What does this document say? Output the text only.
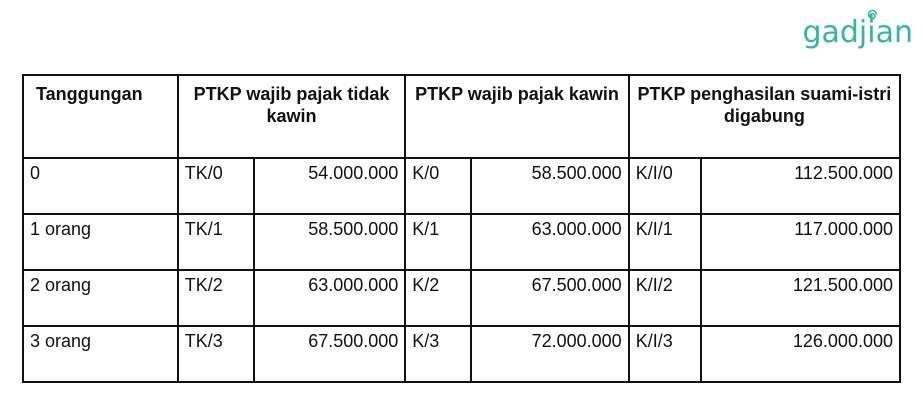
gadjian
Tanggungan	PTKP wajib pajak tidak kawin		PTKP wajib pajak kawin		PTKP penghasilan suami-istri digabung	
0	TK/0	54.000.000	K/0	58.500.000	K/I/0	112.500.000
1 orang	TK/1	58.500.000	K/1	63.000.000	K/I/1	117.000.000
2 orang	TK/2	63.000.000	K/2	67.500.000	K/I/2	121.500.000
3 orang	TK/3	67.500.000	K/3	72.000.000	K/I/3	126.000.000
